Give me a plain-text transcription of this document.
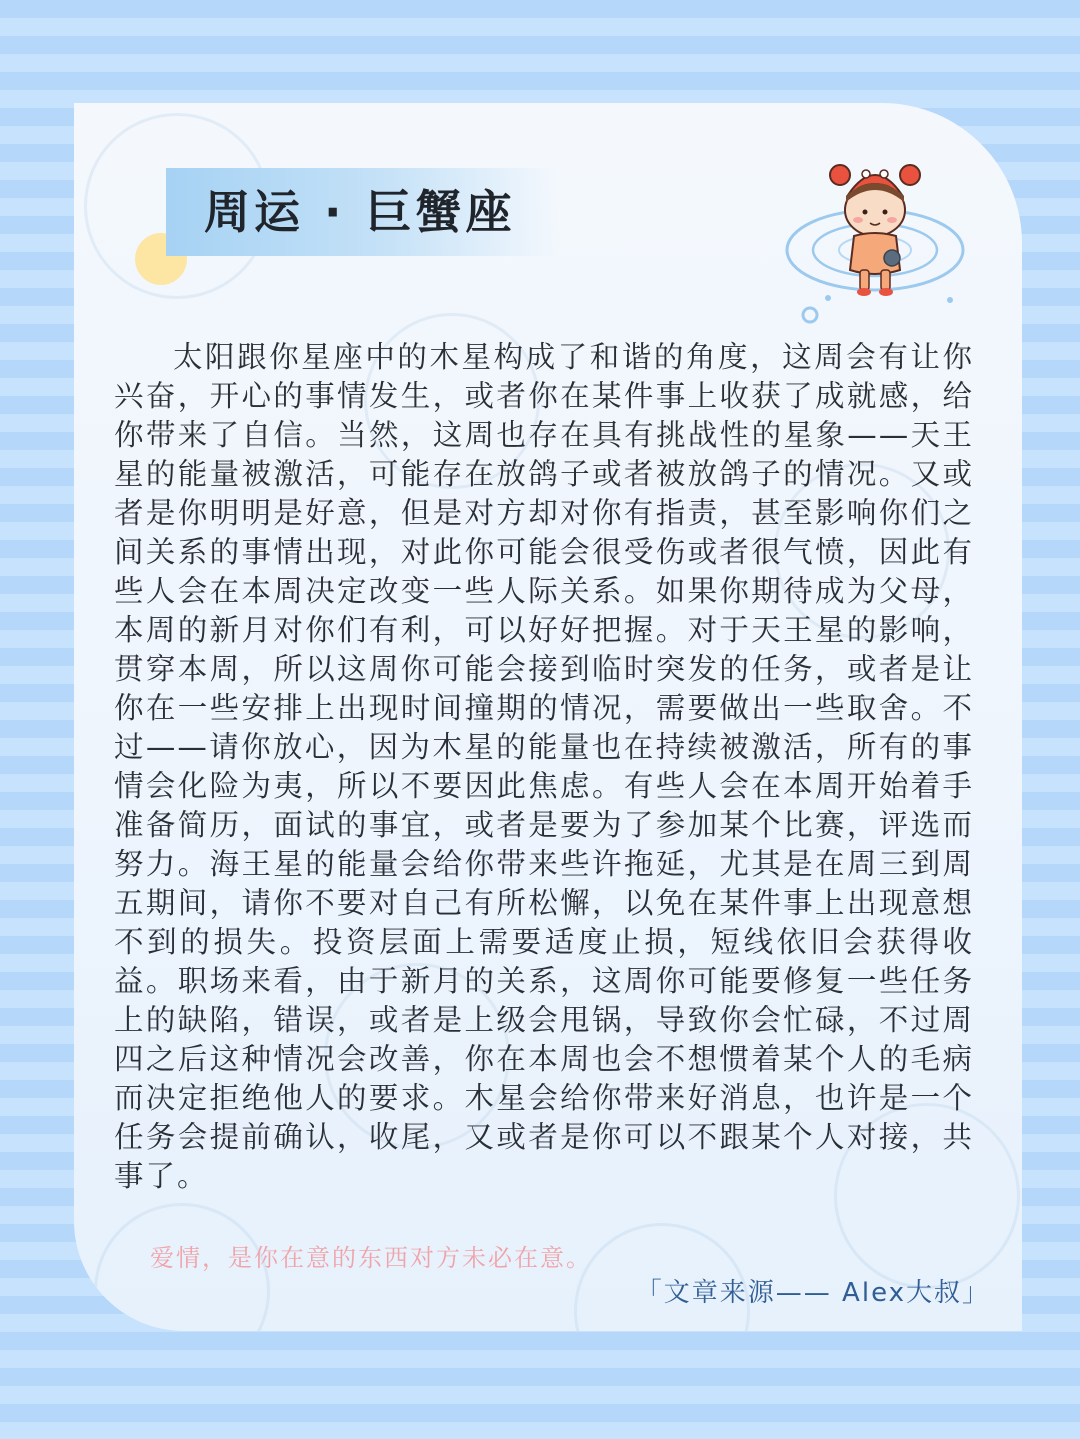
周运 · 巨蟹座

太阳跟你星座中的木星构成了和谐的角度，这周会有让你兴奋，开心的事情发生，或者你在某件事上收获了成就感，给你带来了自信。当然，这周也存在具有挑战性的星象——天王星的能量被激活，可能存在放鸽子或者被放鸽子的情况。又或者是你明明是好意，但是对方却对你有指责，甚至影响你们之间关系的事情出现，对此你可能会很受伤或者很气愤，因此有些人会在本周决定改变一些人际关系。如果你期待成为父母，本周的新月对你们有利，可以好好把握。对于天王星的影响，贯穿本周，所以这周你可能会接到临时突发的任务，或者是让你在一些安排上出现时间撞期的情况，需要做出一些取舍。不过——请你放心，因为木星的能量也在持续被激活，所有的事情会化险为夷，所以不要因此焦虑。有些人会在本周开始着手准备简历，面试的事宜，或者是要为了参加某个比赛，评选而努力。海王星的能量会给你带来些许拖延，尤其是在周三到周五期间，请你不要对自己有所松懈，以免在某件事上出现意想不到的损失。投资层面上需要适度止损，短线依旧会获得收益。职场来看，由于新月的关系，这周你可能要修复一些任务上的缺陷，错误，或者是上级会甩锅，导致你会忙碌，不过周四之后这种情况会改善，你在本周也会不想惯着某个人的毛病而决定拒绝他人的要求。木星会给你带来好消息，也许是一个任务会提前确认，收尾，又或者是你可以不跟某个人对接，共事了。

爱情，是你在意的东西对方未必在意。

「文章来源—— Alex大叔」
